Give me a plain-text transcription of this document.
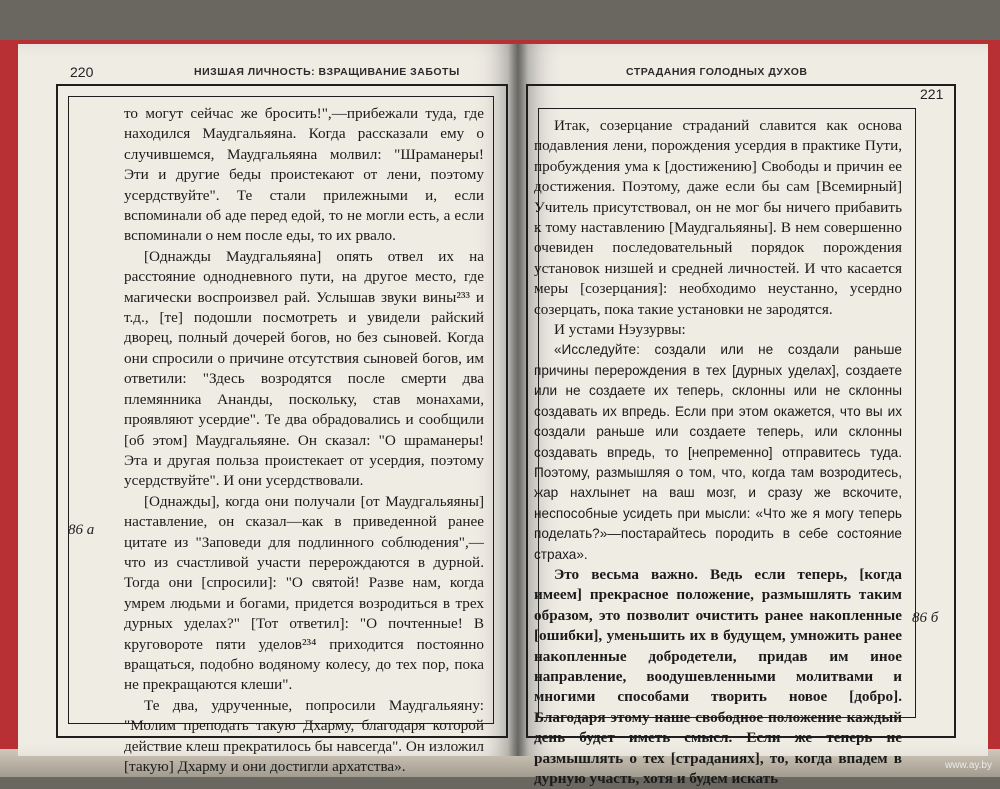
220	НИЗШАЯ ЛИЧНОСТЬ: ВЗРАЩИВАНИЕ ЗАБОТЫ
86 a

то могут сейчас же бросить!",—прибежали туда, где находился Маудгальяяна. Когда рассказали ему о случившемся, Маудгальяяна молвил: "Шраманеры! Эти и другие беды проистекают от лени, поэтому усердствуйте". Те стали прилежными и, если вспоминали об аде перед едой, то не могли есть, а если вспоминали о нем после еды, то их рвало.

[Однажды Маудгальяяна] опять отвел их на расстояние однодневного пути, на другое место, где магически воспроизвел рай. Услышав звуки вины²³³ и т.д., [те] подошли посмотреть и увидели райский дворец, полный дочерей богов, но без сыновей. Когда они спросили о причине отсутствия сыновей богов, им ответили: "Здесь возродятся после смерти два племянника Ананды, поскольку, став монахами, проявляют усердие". Те два обрадовались и сообщили [об этом] Маудгальяяне. Он сказал: "О шраманеры! Эта и другая польза проистекает от усердия, поэтому усердствуйте". И они усердствовали.

[Однажды], когда они получали [от Маудгальяяны] наставление, он сказал—как в приведенной ранее цитате из "Заповеди для подлинного соблюдения",—что из счастливой участи перерождаются в дурной. Тогда они [спросили]: "О святой! Разве нам, когда умрем людьми и богами, придется возродиться в трех дурных уделах?" [Тот ответил]: "О почтенные! В круговороте пяти уделов²³⁴ приходится постоянно вращаться, подобно водяному колесу, до тех пор, пока не прекращаются клеши".

Те два, удрученные, попросили Маудгальяяну: "Молим преподать такую Дхарму, благодаря которой действие клеш прекратилось бы навсегда". Он изложил [такую] Дхарму и они достигли архатства».

СТРАДАНИЯ ГОЛОДНЫХ ДУХОВ
221
86 б

Итак, созерцание страданий славится как основа подавления лени, порождения усердия в практике Пути, пробуждения ума к [достижению] Свободы и причин ее достижения. Поэтому, даже если бы сам [Всемирный] Учитель присутствовал, он не мог бы ничего прибавить к тому наставлению [Маудгальяяны]. В нем совершенно очевиден последовательный порядок порождения установок низшей и средней личностей. И что касается меры [созерцания]: необходимо неустанно, усердно созерцать, пока такие установки не зародятся.

И устами Нэузурвы:

«Исследуйте: создали или не создали раньше причины перерождения в тех [дурных уделах], создаете или не создаете их теперь, склонны или не склонны создавать их впредь. Если при этом окажется, что вы их создали раньше или создаете теперь, или склонны создавать впредь, то [непременно] отправитесь туда. Поэтому, размышляя о том, что, когда там возродитесь, жар нахлынет на ваш мозг, и сразу же вскочите, неспособные усидеть при мысли: «Что же я могу теперь поделать?»—постарайтесь породить в себе состояние страха».

Это весьма важно. Ведь если теперь, [когда имеем] прекрасное положение, размышлять таким образом, это позволит очистить ранее накопленные [ошибки], уменьшить их в будущем, умножить ранее накопленные добродетели, придав им иное направление, воодушевленными молитвами и многими способами творить новое [добро]. Благодаря этому наше свободное положение каждый день будет иметь смысл. Если же теперь не размышлять о тех [страданиях], то, когда впадем в дурную участь, хотя и будем искать

www.ay.by
